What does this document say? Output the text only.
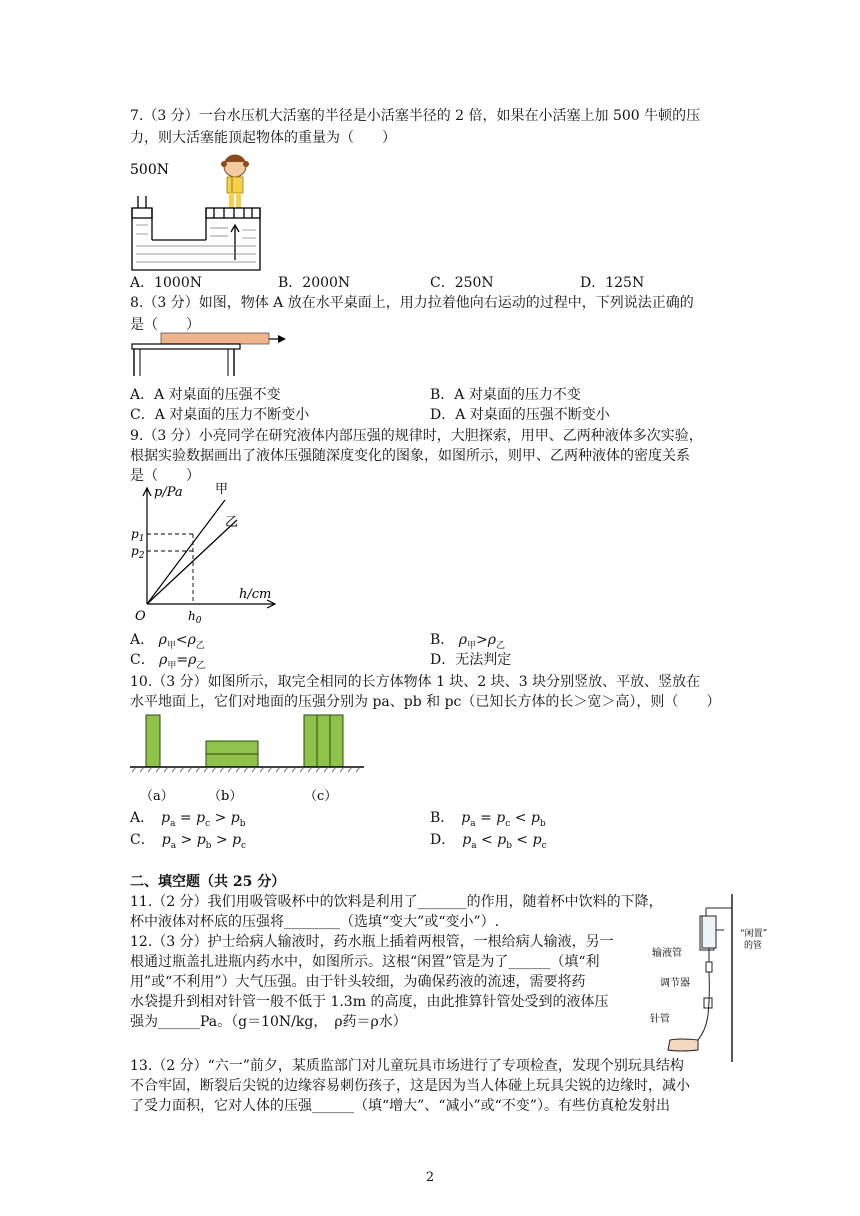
7.（3 分）一台水压机大活塞的半径是小活塞半径的 2 倍，如果在小活塞上加 500 牛顿的压
力，则大活塞能顶起物体的重量为（　　）
500N
A．1000N	B．2000N	C．250N	D．125N
8.（3 分）如图，物体 A 放在水平桌面上，用力拉着他向右运动的过程中，下列说法正确的
是（　　）
A．A 对桌面的压强不变	B．A 对桌面的压力不变
C．A 对桌面的压力不断变小	D．A 对桌面的压强不断变小
9.（3 分）小亮同学在研究液体内部压强的规律时，大胆探索，用甲、乙两种液体多次实验，
根据实验数据画出了液体压强随深度变化的图象，如图所示，则甲、乙两种液体的密度关系
是（　　）
p/Pa
h/cm
O
甲
乙
$p_1$
$p_2$
$h_0$
A． $\rho_甲<\rho_乙$	B． $\rho_甲>\rho_乙$
C． $\rho_甲=\rho_乙$	D．无法判定
10.（3 分）如图所示，取完全相同的长方体物体 1 块、2 块、3 块分别竖放、平放、竖放在
水平地面上，它们对地面的压强分别为 pa、pb 和 pc（已知长方体的长＞宽＞高），则（　　）
（a）	（b）	（c）
A．　$p_a = p_c > p_b$	B．　$p_a = p_c < p_b$
C．　$p_a > p_b > p_c$	D．　$p_a < p_b < p_c$
二、填空题（共 25 分）
11.（2 分）我们用吸管吸杯中的饮料是利用了_______的作用，随着杯中饮料的下降，
杯中液体对杯底的压强将________（选填“变大”或“变小”）.
12.（3 分）护士给病人输液时，药水瓶上插着两根管，一根给病人输液，另一
根通过瓶盖扎进瓶内药水中，如图所示。这根“闲置”管是为了______（填“利
用”或“不利用”）大气压强。由于针头较细，为确保药液的流速，需要将药
水袋提升到相对针管一般不低于 1.3m 的高度，由此推算针管处受到的液体压
强为______Pa。（g＝10N/kg，　ρ药＝ρ水）
输液管
“闲置”
的管
调节器
针管
13.（2 分）“六一”前夕，某质监部门对儿童玩具市场进行了专项检查，发现个别玩具结构
不合牢固，断裂后尖锐的边缘容易刺伤孩子，这是因为当人体碰上玩具尖锐的边缘时，减小
了受力面积，它对人体的压强______（填“增大”、“减小”或“不变”）。有些仿真枪发射出
2
